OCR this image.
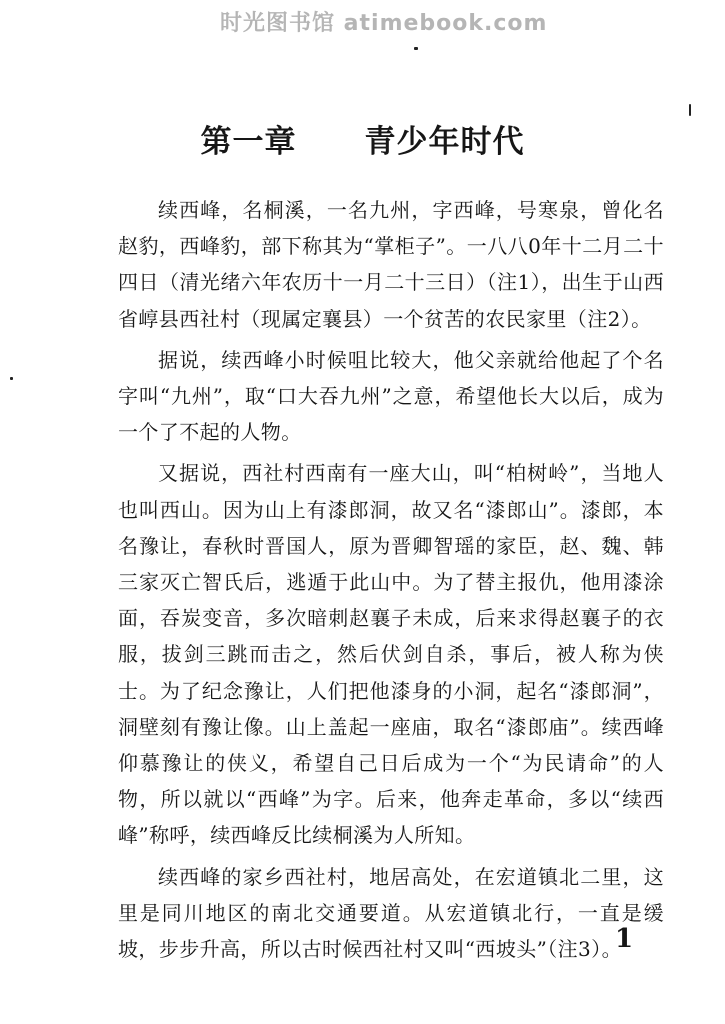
时光图书馆 atimebook.com
第一章 青少年时代

续西峰，名桐溪，一名九州，字西峰，号寒泉，曾化名赵豹，西峰豹，部下称其为“掌柜子”。一八八0年十二月二十四日（清光绪六年农历十一月二十三日）（注1），出生于山西省崞县西社村（现属定襄县）一个贫苦的农民家里（注2）。

据说，续西峰小时候咀比较大，他父亲就给他起了个名字叫“九州”，取“口大吞九州”之意，希望他长大以后，成为一个了不起的人物。

又据说，西社村西南有一座大山，叫“柏树岭”，当地人也叫西山。因为山上有漆郎洞，故又名“漆郎山”。漆郎，本名豫让，春秋时晋国人，原为晋卿智瑶的家臣，赵、魏、韩三家灭亡智氏后，逃遁于此山中。为了替主报仇，他用漆涂面，吞炭变音，多次暗刺赵襄子未成，后来求得赵襄子的衣服，拔剑三跳而击之，然后伏剑自杀，事后，被人称为侠士。为了纪念豫让，人们把他漆身的小洞，起名“漆郎洞”，洞壁刻有豫让像。山上盖起一座庙，取名“漆郎庙”。续西峰仰慕豫让的侠义，希望自己日后成为一个“为民请命”的人物，所以就以“西峰”为字。后来，他奔走革命，多以“续西峰”称呼，续西峰反比续桐溪为人所知。

续西峰的家乡西社村，地居高处，在宏道镇北二里，这里是同川地区的南北交通要道。从宏道镇北行，一直是缓坡，步步升高，所以古时候西社村又叫“西坡头”（注3）。

1
